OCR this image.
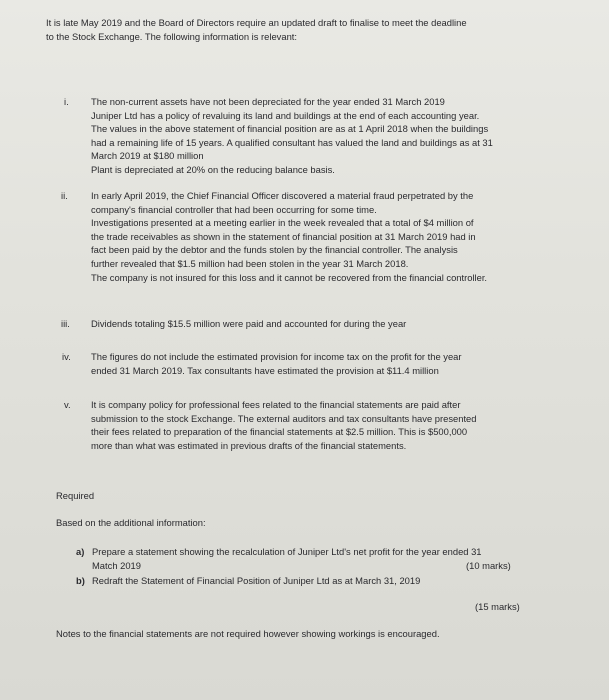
It is late May 2019 and the Board of Directors require an updated draft to finalise to meet the deadline
to the Stock Exchange. The following information is relevant:
i.	The non-current assets have not been depreciated for the year ended 31 March 2019
Juniper Ltd has a policy of revaluing its land and buildings at the end of each accounting year.
The values in the above statement of financial position are as at 1 April 2018 when the buildings
had a remaining life of 15 years. A qualified consultant has valued the land and buildings as at 31
March 2019 at $180 million
Plant is depreciated at 20% on the reducing balance basis.
ii.	In early April 2019, the Chief Financial Officer discovered a material fraud perpetrated by the
company's financial controller that had been occurring for some time.
Investigations presented at a meeting earlier in the week revealed that a total of $4 million of
the trade receivables as shown in the statement of financial position at 31 March 2019 had in
fact been paid by the debtor and the funds stolen by the financial controller. The analysis
further revealed that $1.5 million had been stolen in the year 31 March 2018.
The company is not insured for this loss and it cannot be recovered from the financial controller.
iii.	Dividends totaling $15.5 million were paid and accounted for during the year
iv.	The figures do not include the estimated provision for income tax on the profit for the year
ended 31 March 2019. Tax consultants have estimated the provision at $11.4 million
v.	It is company policy for professional fees related to the financial statements are paid after
submission to the stock Exchange. The external auditors and tax consultants have presented
their fees related to preparation of the financial statements at $2.5 million. This is $500,000
more than what was estimated in previous drafts of the financial statements.
Required
Based on the additional information:
a) Prepare a statement showing the recalculation of Juniper Ltd's net profit for the year ended 31
Match 2019	(10 marks)
b) Redraft the Statement of Financial Position of Juniper Ltd as at March 31, 2019
(15 marks)
Notes to the financial statements are not required however showing workings is encouraged.
